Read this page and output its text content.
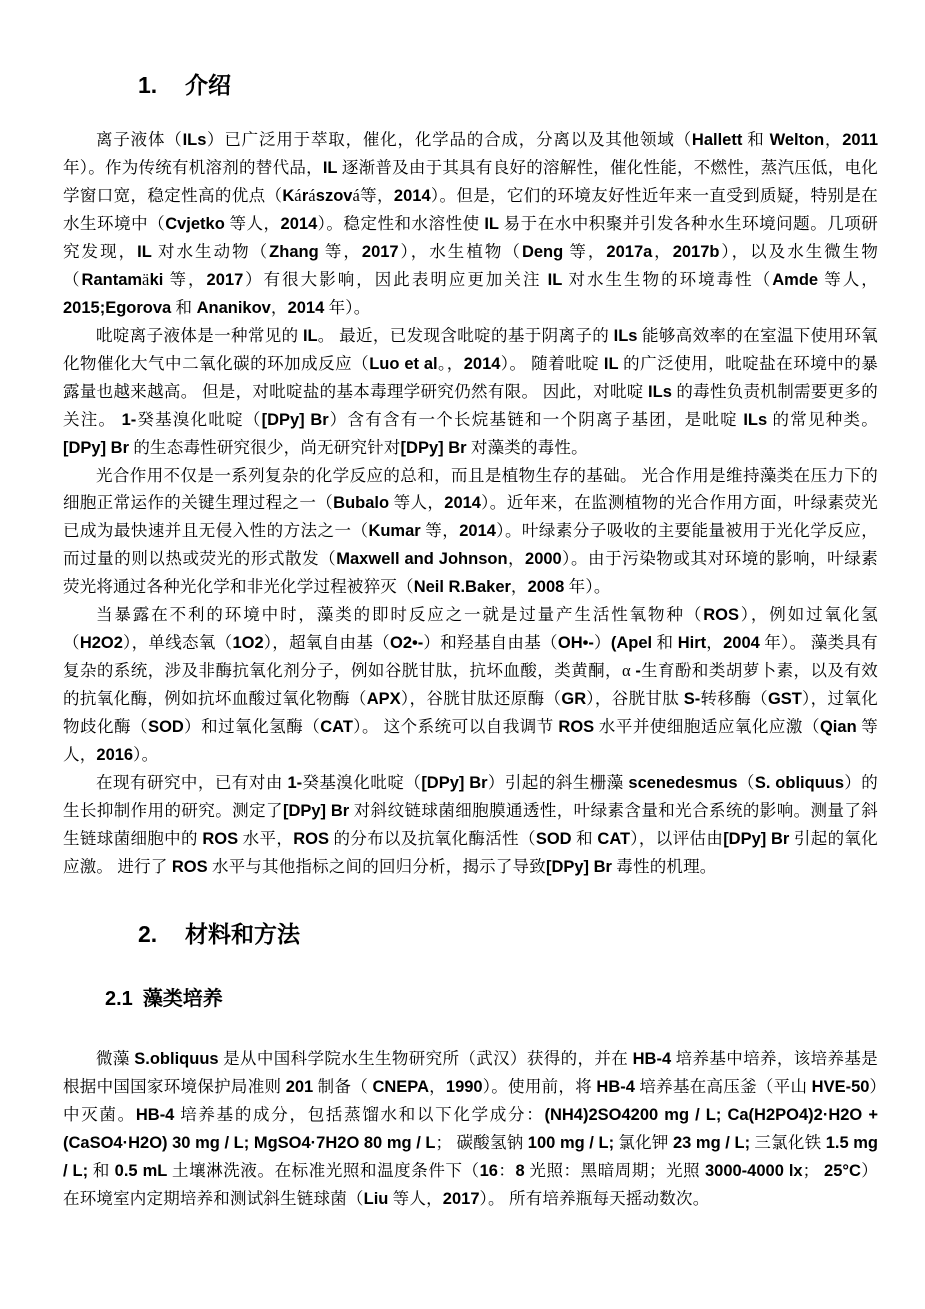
1. 介绍

离子液体（ILs）已广泛用于萃取，催化，化学品的合成，分离以及其他领域（Hallett 和 Welton，2011 年）。作为传统有机溶剂的替代品，IL 逐渐普及由于其具有良好的溶解性，催化性能，不燃性，蒸汽压低，电化学窗口宽，稳定性高的优点（Kárászová等，2014）。但是，它们的环境友好性近年来一直受到质疑，特别是在水生环境中（Cvjetko 等人，2014）。稳定性和水溶性使 IL 易于在水中积聚并引发各种水生环境问题。几项研究发现，IL 对水生动物（Zhang 等，2017），水生植物（Deng 等，2017a，2017b），以及水生微生物（Rantamäki 等，2017）有很大影响，因此表明应更加关注 IL 对水生生物的环境毒性（Amde 等人，2015;Egorova 和 Ananikov，2014 年）。

吡啶离子液体是一种常见的 IL。 最近，已发现含吡啶的基于阴离子的 ILs 能够高效率的在室温下使用环氧化物催化大气中二氧化碳的环加成反应（Luo et al。，2014）。 随着吡啶 IL 的广泛使用，吡啶盐在环境中的暴露量也越来越高。 但是，对吡啶盐的基本毒理学研究仍然有限。 因此，对吡啶 ILs 的毒性负责机制需要更多的关注。 1-癸基溴化吡啶（[DPy] Br）含有含有一个长烷基链和一个阴离子基团，是吡啶 ILs 的常见种类。 [DPy] Br 的生态毒性研究很少，尚无研究针对[DPy] Br 对藻类的毒性。

光合作用不仅是一系列复杂的化学反应的总和，而且是植物生存的基础。 光合作用是维持藻类在压力下的细胞正常运作的关键生理过程之一（Bubalo 等人，2014）。近年来，在监测植物的光合作用方面，叶绿素荧光已成为最快速并且无侵入性的方法之一（Kumar 等，2014）。叶绿素分子吸收的主要能量被用于光化学反应，而过量的则以热或荧光的形式散发（Maxwell and Johnson，2000）。由于污染物或其对环境的影响，叶绿素荧光将通过各种光化学和非光化学过程被猝灭（Neil R.Baker，2008 年）。

当暴露在不利的环境中时，藻类的即时反应之一就是过量产生活性氧物种（ROS），例如过氧化氢（H2O2），单线态氧（1O2），超氧自由基（O2•-）和羟基自由基（OH•-）(Apel 和 Hirt，2004 年）。 藻类具有复杂的系统，涉及非酶抗氧化剂分子，例如谷胱甘肽，抗坏血酸，类黄酮，α -生育酚和类胡萝卜素，以及有效的抗氧化酶，例如抗坏血酸过氧化物酶（APX），谷胱甘肽还原酶（GR），谷胱甘肽 S-转移酶（GST），过氧化物歧化酶（SOD）和过氧化氢酶（CAT）。 这个系统可以自我调节 ROS 水平并使细胞适应氧化应激（Qian 等人，2016）。

在现有研究中，已有对由 1-癸基溴化吡啶（[DPy] Br）引起的斜生栅藻 scenedesmus（S. obliquus）的生长抑制作用的研究。测定了[DPy] Br 对斜纹链球菌细胞膜通透性，叶绿素含量和光合系统的影响。测量了斜生链球菌细胞中的 ROS 水平，ROS 的分布以及抗氧化酶活性（SOD 和 CAT），以评估由[DPy] Br 引起的氧化应激。 进行了 ROS 水平与其他指标之间的回归分析，揭示了导致[DPy] Br 毒性的机理。

2. 材料和方法
2.1 藻类培养

微藻 S.obliquus 是从中国科学院水生生物研究所（武汉）获得的，并在 HB-4 培养基中培养，该培养基是根据中国国家环境保护局准则 201 制备（ CNEPA，1990）。使用前，将 HB-4 培养基在高压釜（平山 HVE-50）中灭菌。HB-4 培养基的成分，包括蒸馏水和以下化学成分：(NH4)2SO4200 mg / L; Ca(H2PO4)2·H2O + (CaSO4·H2O) 30 mg / L; MgSO4·7H2O 80 mg / L； 碳酸氢钠 100 mg / L; 氯化钾 23 mg / L; 三氯化铁 1.5 mg / L; 和 0.5 mL 土壤淋洗液。在标准光照和温度条件下（16：8 光照：黑暗周期；光照 3000-4000 lx； 25°C）在环境室内定期培养和测试斜生链球菌（Liu 等人，2017）。 所有培养瓶每天摇动数次。
